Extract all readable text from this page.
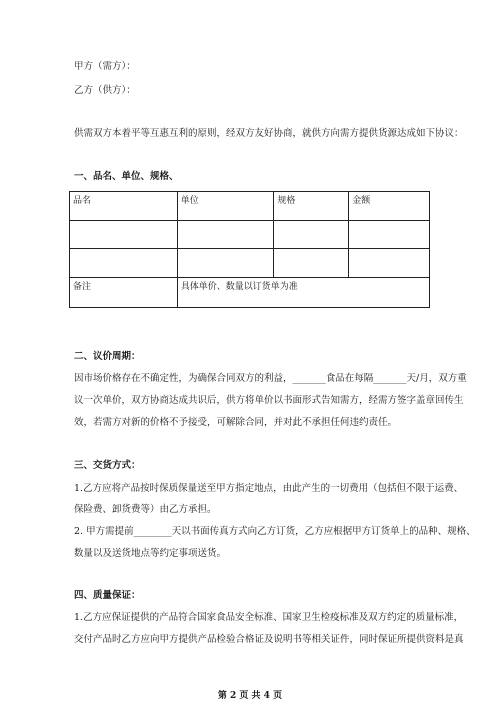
甲方（需方）：
乙方（供方）：
供需双方本着平等互惠互利的原则，经双方友好协商，就供方向需方提供货源达成如下协议：
一、品名、单位、规格、
品名	单位	规格	金额

备注	具体单价、数量以订货单为准		
二、议价周期：
因市场价格存在不确定性，为确保合同双方的利益，_______食品在每隔_______天/月，双方重
议一次单价，双方协商达成共识后，供方将单价以书面形式告知需方，经需方签字盖章回传生
效，若需方对新的价格不予接受，可解除合同，并对此不承担任何违约责任。
三、交货方式：
1.乙方应将产品按时保质保量送至甲方指定地点，由此产生的一切费用（包括但不限于运费、
保险费、卸货费等）由乙方承担。
2. 甲方需提前________天以书面传真方式向乙方订货，乙方应根据甲方订货单上的品种、规格、
数量以及送货地点等约定事项送货。
四、质量保证：
1.乙方应保证提供的产品符合国家食品安全标准、国家卫生检疫标准及双方约定的质量标准，
交付产品时乙方应向甲方提供产品检验合格证及说明书等相关证件，同时保证所提供资料是真
第 2 页 共 4 页
